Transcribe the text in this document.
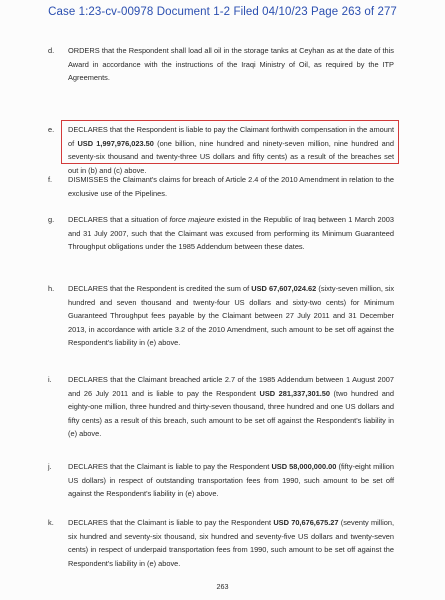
Case 1:23-cv-00978 Document 1-2 Filed 04/10/23 Page 263 of 277
d. ORDERS that the Respondent shall load all oil in the storage tanks at Ceyhan as at the date of this Award in accordance with the instructions of the Iraqi Ministry of Oil, as required by the ITP Agreements.
e. DECLARES that the Respondent is liable to pay the Claimant forthwith compensation in the amount of USD 1,997,976,023.50 (one billion, nine hundred and ninety-seven million, nine hundred and seventy-six thousand and twenty-three US dollars and fifty cents) as a result of the breaches set out in (b) and (c) above.
f. DISMISSES the Claimant's claims for breach of Article 2.4 of the 2010 Amendment in relation to the exclusive use of the Pipelines.
g. DECLARES that a situation of force majeure existed in the Republic of Iraq between 1 March 2003 and 31 July 2007, such that the Claimant was excused from performing its Minimum Guaranteed Throughput obligations under the 1985 Addendum between these dates.
h. DECLARES that the Respondent is credited the sum of USD 67,607,024.62 (sixty-seven million, six hundred and seven thousand and twenty-four US dollars and sixty-two cents) for Minimum Guaranteed Throughput fees payable by the Claimant between 27 July 2011 and 31 December 2013, in accordance with article 3.2 of the 2010 Amendment, such amount to be set off against the Respondent's liability in (e) above.
i. DECLARES that the Claimant breached article 2.7 of the 1985 Addendum between 1 August 2007 and 26 July 2011 and is liable to pay the Respondent USD 281,337,301.50 (two hundred and eighty-one million, three hundred and thirty-seven thousand, three hundred and one US dollars and fifty cents) as a result of this breach, such amount to be set off against the Respondent's liability in (e) above.
j. DECLARES that the Claimant is liable to pay the Respondent USD 58,000,000.00 (fifty-eight million US dollars) in respect of outstanding transportation fees from 1990, such amount to be set off against the Respondent's liability in (e) above.
k. DECLARES that the Claimant is liable to pay the Respondent USD 70,676,675.27 (seventy million, six hundred and seventy-six thousand, six hundred and seventy-five US dollars and twenty-seven cents) in respect of underpaid transportation fees from 1990, such amount to be set off against the Respondent's liability in (e) above.
263
